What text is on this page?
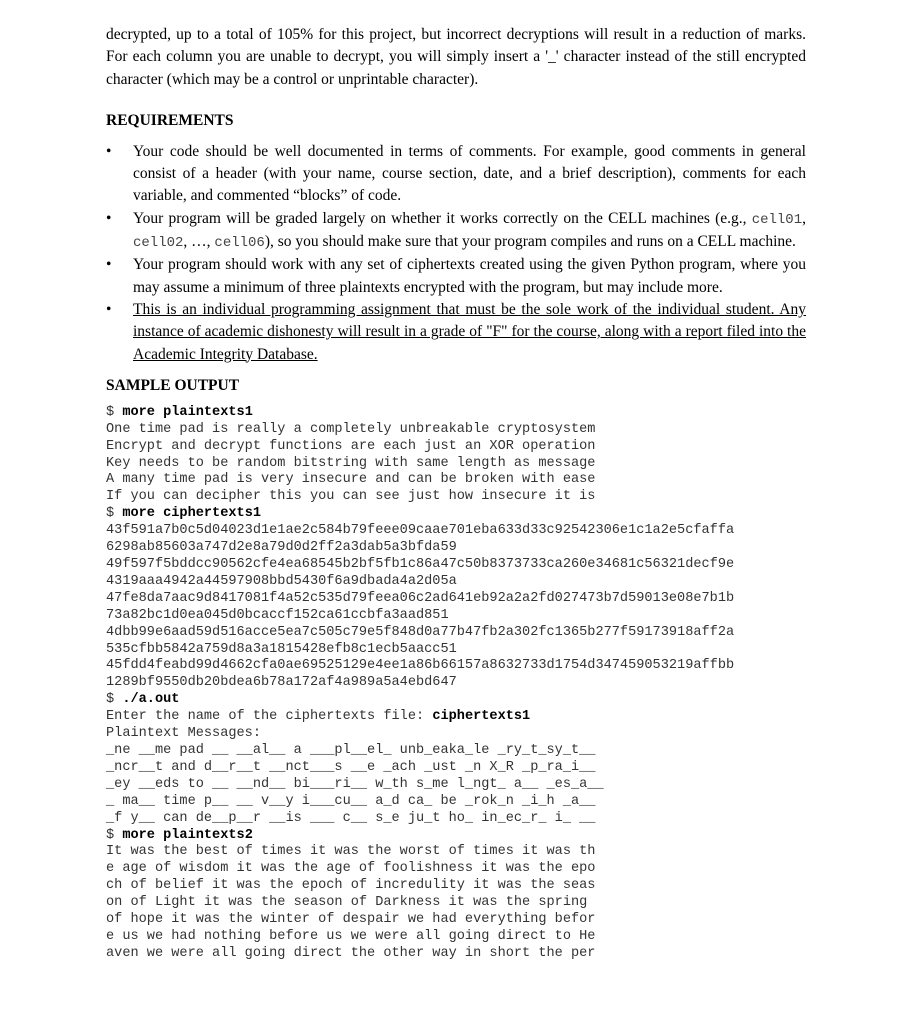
decrypted, up to a total of 105% for this project, but incorrect decryptions will result in a reduction of marks. For each column you are unable to decrypt, you will simply insert a '_' character instead of the still encrypted character (which may be a control or unprintable character).

REQUIREMENTS

• Your code should be well documented in terms of comments. For example, good comments in general consist of a header (with your name, course section, date, and a brief description), comments for each variable, and commented “blocks” of code.
• Your program will be graded largely on whether it works correctly on the CELL machines (e.g., cell01, cell02, …, cell06), so you should make sure that your program compiles and runs on a CELL machine.
• Your program should work with any set of ciphertexts created using the given Python program, where you may assume a minimum of three plaintexts encrypted with the program, but may include more.
• This is an individual programming assignment that must be the sole work of the individual student. Any instance of academic dishonesty will result in a grade of "F" for the course, along with a report filed into the Academic Integrity Database.

SAMPLE OUTPUT

$ more plaintexts1
One time pad is really a completely unbreakable cryptosystem
Encrypt and decrypt functions are each just an XOR operation
Key needs to be random bitstring with same length as message
A many time pad is very insecure and can be broken with ease
If you can decipher this you can see just how insecure it is
$ more ciphertexts1
43f591a7b0c5d04023d1e1ae2c584b79feee09caae701eba633d33c92542306e1c1a2e5cfaffa
6298ab85603a747d2e8a79d0d2ff2a3dab5a3bfda59
49f597f5bddcc90562cfe4ea68545b2bf5fb1c86a47c50b8373733ca260e34681c56321decf9e
4319aaa4942a44597908bbd5430f6a9dbada4a2d05a
47fe8da7aac9d8417081f4a52c535d79feea06c2ad641eb92a2a2fd027473b7d59013e08e7b1b
73a82bc1d0ea045d0bcaccf152ca61ccbfa3aad851
4dbb99e6aad59d516acce5ea7c505c79e5f848d0a77b47fb2a302fc1365b277f59173918aff2a
535cfbb5842a759d8a3a1815428efb8c1ecb5aacc51
45fdd4feabd99d4662cfa0ae69525129e4ee1a86b66157a8632733d1754d347459053219affbb
1289bf9550db20bdea6b78a172af4a989a5a4ebd647
$ ./a.out
Enter the name of the ciphertexts file: ciphertexts1
Plaintext Messages:
_ne __me pad __ __al__ a ___pl__el_ unb_eaka_le _ry_t_sy_t__
_ncr__t and d__r__t __nct___s __e _ach _ust _n X_R _p_ra_i__
_ey __eds to __ __nd__ bi___ri__ w_th s_me l_ngt_ a__ _es_a__
_ ma__ time p__ __ v__y i___cu__ a_d ca_ be _rok_n _i_h _a__
_f y__ can de__p__r __is ___ c__ s_e ju_t ho_ in_ec_r_ i_ __
$ more plaintexts2
It was the best of times it was the worst of times it was th
e age of wisdom it was the age of foolishness it was the epo
ch of belief it was the epoch of incredulity it was the seas
on of Light it was the season of Darkness it was the spring
of hope it was the winter of despair we had everything befor
e us we had nothing before us we were all going direct to He
aven we were all going direct the other way in short the per
